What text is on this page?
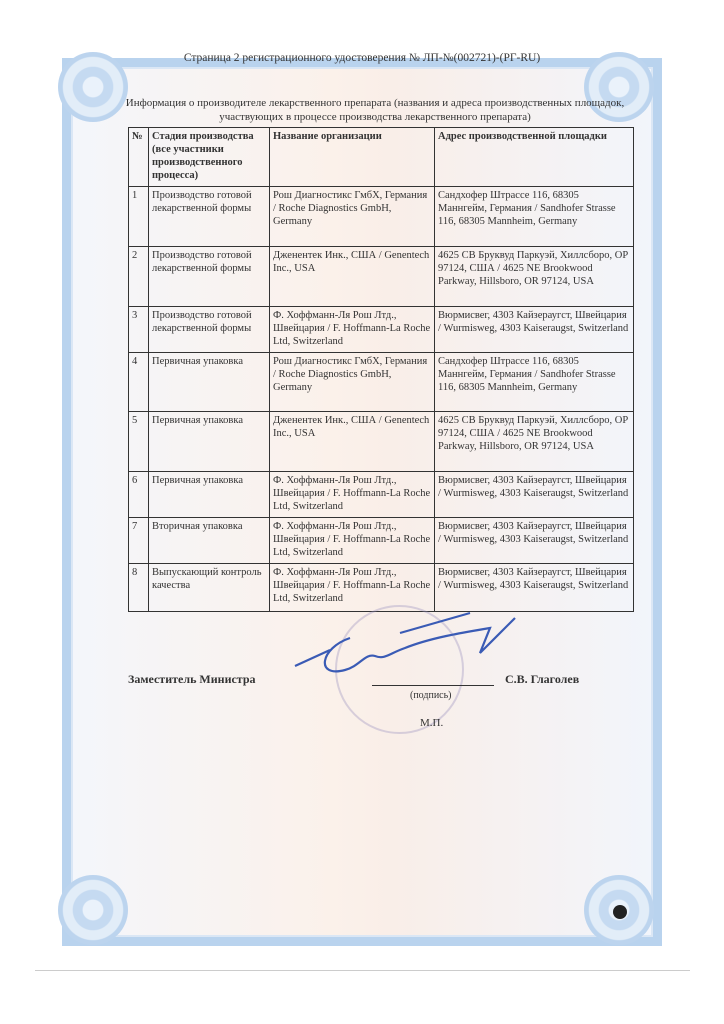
Страница 2 регистрационного удостоверения № ЛП-№(002721)-(РГ-RU)
Информация о производителе лекарственного препарата (названия и адреса производственных площадок, участвующих в процессе производства лекарственного препарата)
№	Стадия производства (все участники производственного процесса)	Название организации	Адрес производственной площадки
1	Производство готовой лекарственной формы	Рош Диагностикс ГмбХ, Германия / Roche Diagnostics GmbH, Germany	Сандхофер Штрассе 116, 68305 Маннгейм, Германия / Sandhofer Strasse 116, 68305 Mannheim, Germany
2	Производство готовой лекарственной формы	Дженентек Инк., США / Genentech Inc., USA	4625 СВ Бруквуд Паркуэй, Хиллсборо, ОР 97124, США / 4625 NE Brookwood Parkway, Hillsboro, OR 97124, USA
3	Производство готовой лекарственной формы	Ф. Хоффманн-Ля Рош Лтд., Швейцария / F. Hoffmann-La Roche Ltd, Switzerland	Вюрмисвег, 4303 Кайзераугст, Швейцария / Wurmisweg, 4303 Kaiseraugst, Switzerland
4	Первичная упаковка	Рош Диагностикс ГмбХ, Германия / Roche Diagnostics GmbH, Germany	Сандхофер Штрассе 116, 68305 Маннгейм, Германия / Sandhofer Strasse 116, 68305 Mannheim, Germany
5	Первичная упаковка	Дженентек Инк., США / Genentech Inc., USA	4625 СВ Бруквуд Паркуэй, Хиллсборо, ОР 97124, США / 4625 NE Brookwood Parkway, Hillsboro, OR 97124, USA
6	Первичная упаковка	Ф. Хоффманн-Ля Рош Лтд., Швейцария / F. Hoffmann-La Roche Ltd, Switzerland	Вюрмисвег, 4303 Кайзераугст, Швейцария / Wurmisweg, 4303 Kaiseraugst, Switzerland
7	Вторичная упаковка	Ф. Хоффманн-Ля Рош Лтд., Швейцария / F. Hoffmann-La Roche Ltd, Switzerland	Вюрмисвег, 4303 Кайзераугст, Швейцария / Wurmisweg, 4303 Kaiseraugst, Switzerland
8	Выпускающий контроль качества	Ф. Хоффманн-Ля Рош Лтд., Швейцария / F. Hoffmann-La Roche Ltd, Switzerland	Вюрмисвег, 4303 Кайзераугст, Швейцария / Wurmisweg, 4303 Kaiseraugst, Switzerland
Заместитель Министра	С.В. Глаголев
(подпись)
М.П.
